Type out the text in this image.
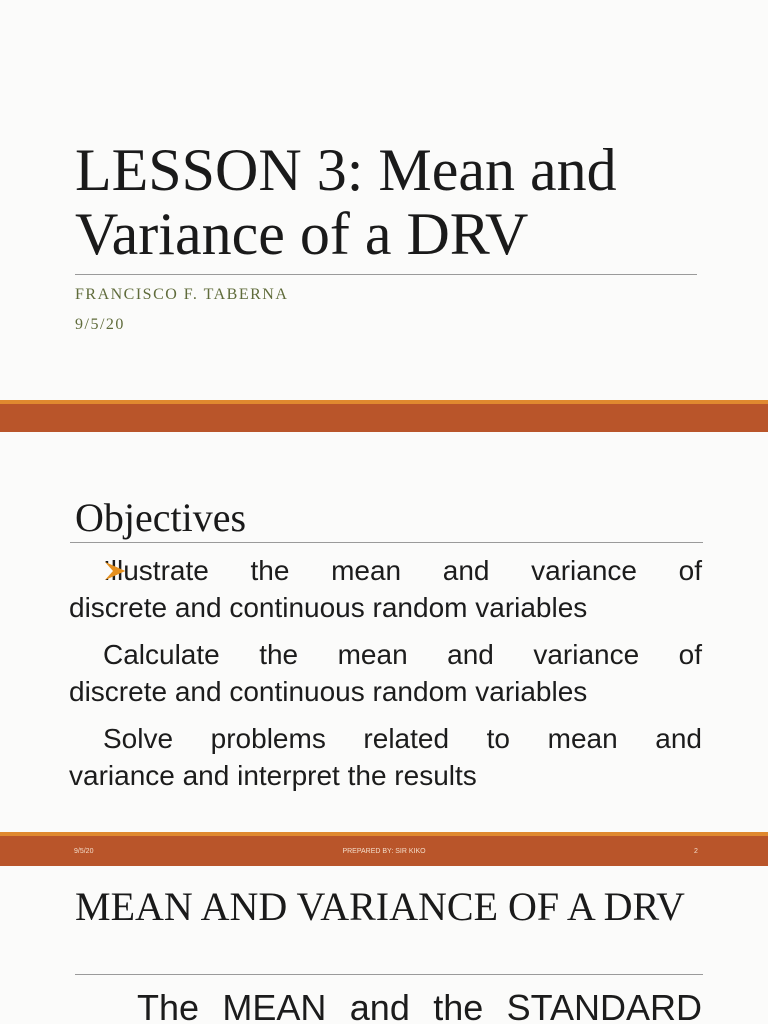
LESSON 3: Mean and Variance of a DRV
FRANCISCO F. TABERNA
9/5/20
Objectives
Illustrate the mean and variance of
discrete and continuous random variables
Calculate the mean and variance of
discrete and continuous random variables
Solve problems related to mean and
variance and interpret the results
9/5/20	PREPARED BY: SIR KIKO	2
MEAN AND VARIANCE OF A DRV
The MEAN and the STANDARD
